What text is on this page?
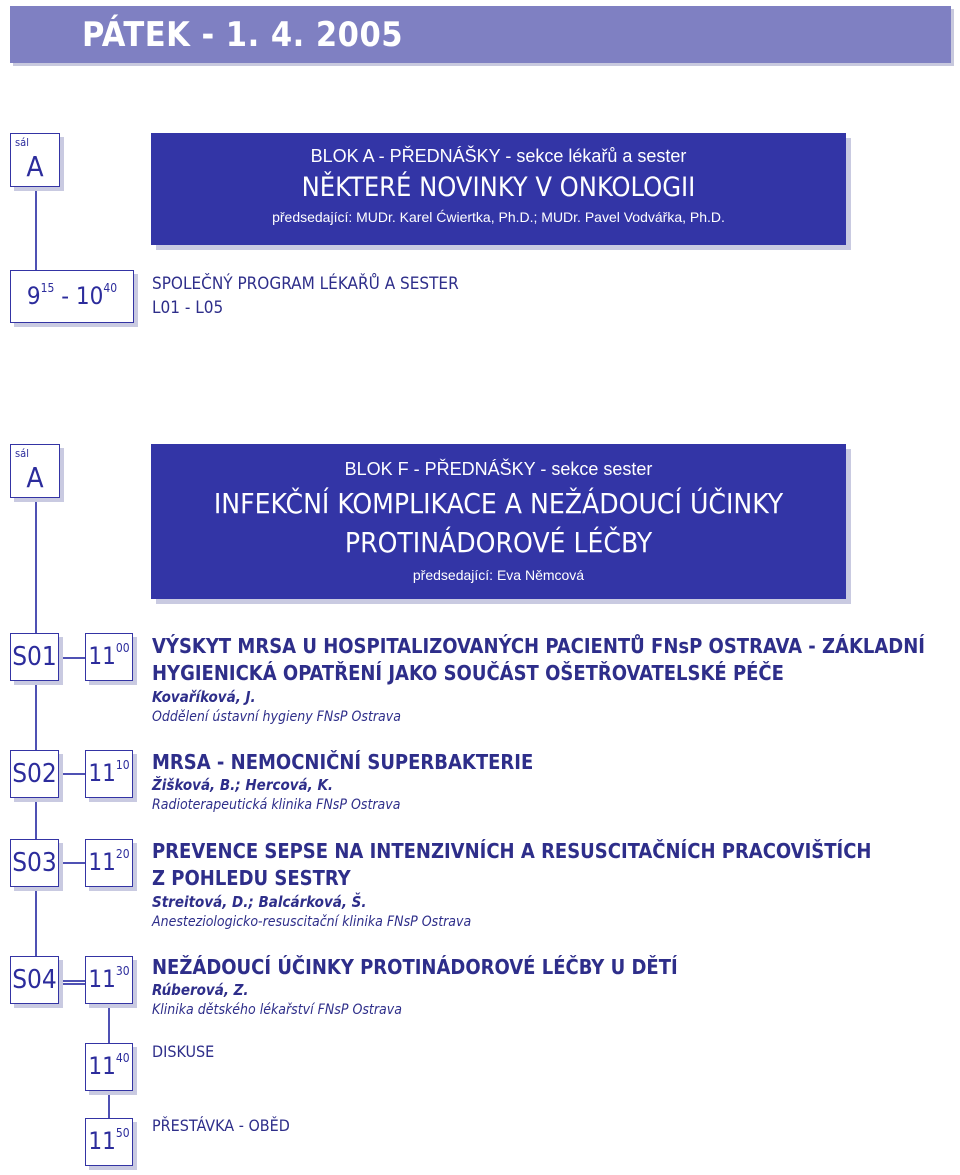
PÁTEK - 1. 4. 2005
sál
A	BLOK A - PŘEDNÁŠKY - sekce lékařů a sester
NĚKTERÉ NOVINKY V ONKOLOGII
předsedající: MUDr. Karel Ćwiertka, Ph.D.; MUDr. Pavel Vodvářka, Ph.D.
$9^{15} - 10^{40}$	SPOLEČNÝ PROGRAM LÉKAŘŮ A SESTER
L01 - L05
sál
A	BLOK F - PŘEDNÁŠKY - sekce sester
INFEKČNÍ KOMPLIKACE A NEŽÁDOUCÍ ÚČINKY
PROTINÁDOROVÉ LÉČBY
předsedající: Eva Němcová
S01 $11^{00}$ VÝSKYT MRSA U HOSPITALIZOVANÝCH PACIENTŮ FNsP OSTRAVA - ZÁKLADNÍ
HYGIENICKÁ OPATŘENÍ JAKO SOUČÁST OŠETŘOVATELSKÉ PÉČE
Kovaříková, J.
Oddělení ústavní hygieny FNsP Ostrava
S02 $11^{10}$ MRSA - NEMOCNIČNÍ SUPERBAKTERIE
Žišková, B.; Hercová, K.
Radioterapeutická klinika FNsP Ostrava
S03 $11^{20}$ PREVENCE SEPSE NA INTENZIVNÍCH A RESUSCITAČNÍCH PRACOVIŠTÍCH
Z POHLEDU SESTRY
Streitová, D.; Balcárková, Š.
Anesteziologicko-resuscitační klinika FNsP Ostrava
S04 $11^{30}$ NEŽÁDOUCÍ ÚČINKY PROTINÁDOROVÉ LÉČBY U DĚTÍ
Rúberová, Z.
Klinika dětského lékařství FNsP Ostrava
$11^{40}$ DISKUSE
$11^{50}$ PŘESTÁVKA - OBĚD
